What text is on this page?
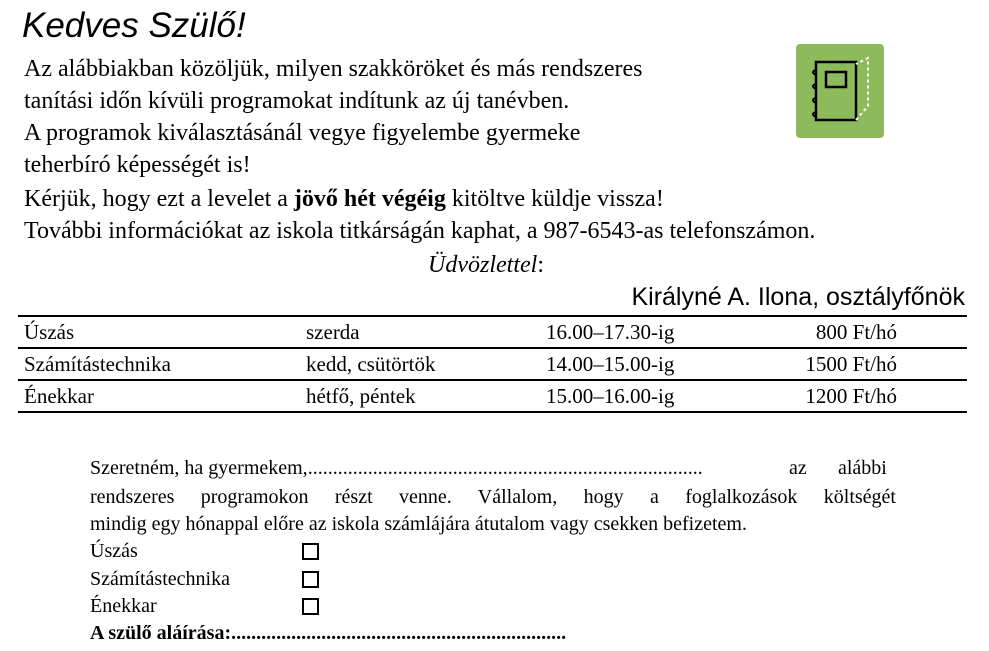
Kedves Szülő!
Az alábbiakban közöljük, milyen szakköröket és más rendszeres
tanítási időn kívüli programokat indítunk az új tanévben.
A programok kiválasztásánál vegye figyelembe gyermeke
teherbíró képességét is!
Kérjük, hogy ezt a levelet a jövő hét végéig kitöltve küldje vissza!
További információkat az iskola titkárságán kaphat, a 987-6543-as telefonszámon.
Üdvözlettel:
Királyné A. Ilona, osztályfőnök
Úszás	szerda	16.00–17.30-ig	800 Ft/hó
Számítástechnika	kedd, csütörtök	14.00–15.00-ig	1500 Ft/hó
Énekkar	hétfő, péntek	15.00–16.00-ig	1200 Ft/hó
Szeretném, ha gyermekem,...............................................................................	az alábbi
rendszeres programokon részt venne. Vállalom, hogy a foglalkozások költségét
mindig egy hónappal előre az iskola számlájára átutalom vagy csekken befizetem.
Úszás
Számítástechnika
Énekkar
A szülő aláírása:...................................................................
